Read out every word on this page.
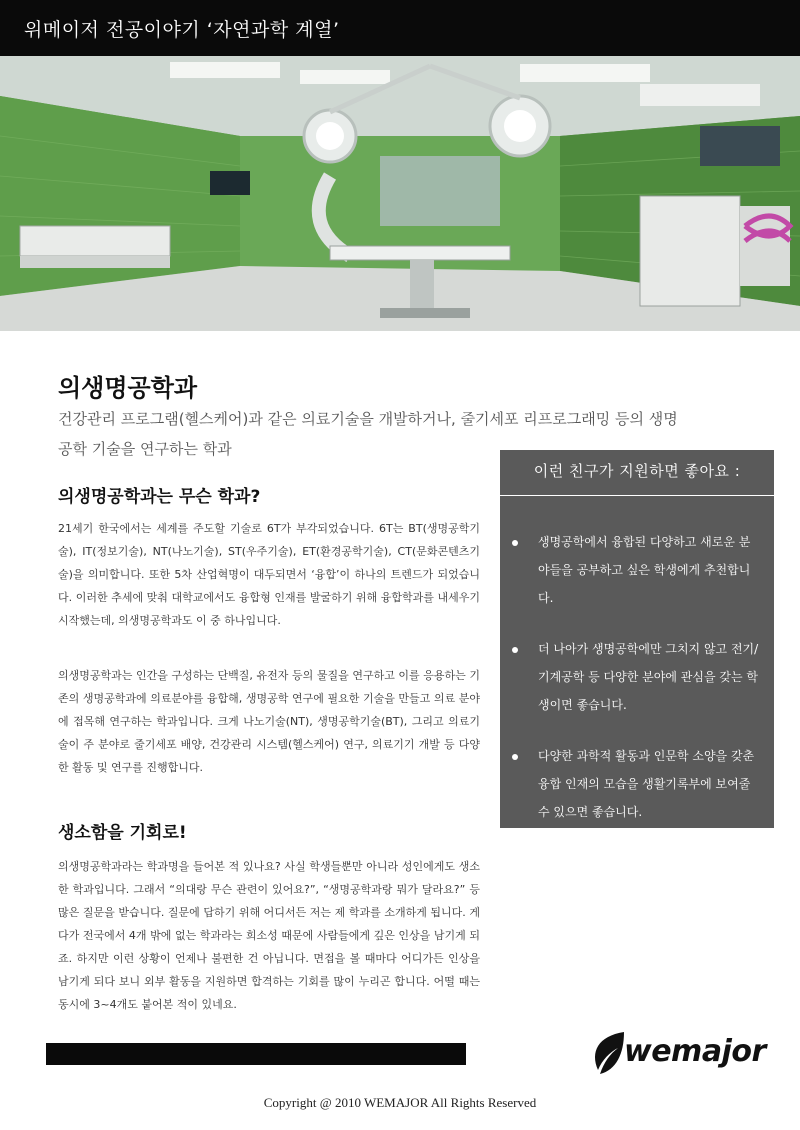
위메이저 전공이야기 ‘자연과학 계열’
의생명공학과
건강관리 프로그램(헬스케어)과 같은 의료기술을 개발하거나, 줄기세포 리프로그래밍 등의 생명공학 기술을 연구하는 학과
의생명공학과는 무슨 학과?
21세기 한국에서는 세계를 주도할 기술로 6T가 부각되었습니다. 6T는 BT(생명공학기술), IT(정보기술), NT(나노기술), ST(우주기술), ET(환경공학기술), CT(문화콘텐츠기술)을 의미합니다. 또한 5차 산업혁명이 대두되면서 ‘융합’이 하나의 트렌드가 되었습니다. 이러한 추세에 맞춰 대학교에서도 융합형 인재를 발굴하기 위해 융합학과를 내세우기 시작했는데, 의생명공학과도 이 중 하나입니다.
의생명공학과는 인간을 구성하는 단백질, 유전자 등의 물질을 연구하고 이를 응용하는 기존의 생명공학과에 의료분야를 융합해, 생명공학 연구에 필요한 기술을 만들고 의료 분야에 접목해 연구하는 학과입니다. 크게 나노기술(NT), 생명공학기술(BT), 그리고 의료기술이 주 분야로 줄기세포 배양, 건강관리 시스템(헬스케어) 연구, 의료기기 개발 등 다양한 활동 및 연구를 진행합니다.
생소함을 기회로!
의생명공학과라는 학과명을 들어본 적 있나요? 사실 학생들뿐만 아니라 성인에게도 생소한 학과입니다. 그래서 “의대랑 무슨 관련이 있어요?”, “생명공학과랑 뭐가 달라요?” 등 많은 질문을 받습니다. 질문에 답하기 위해 어디서든 저는 제 학과를 소개하게 됩니다. 게다가 전국에서 4개 밖에 없는 학과라는 희소성 때문에 사람들에게 깊은 인상을 남기게 되죠. 하지만 이런 상황이 언제나 불편한 건 아닙니다. 면접을 볼 때마다 어디가든 인상을 남기게 되다 보니 외부 활동을 지원하면 합격하는 기회를 많이 누리곤 합니다. 어떨 때는 동시에 3~4개도 붙어본 적이 있네요.
이런 친구가 지원하면 좋아요 :
생명공학에서 융합된 다양하고 새로운 분야들을 공부하고 싶은 학생에게 추천합니다.
더 나아가 생명공학에만 그치지 않고 전기/기계공학 등 다양한 분야에 관심을 갖는 학생이면 좋습니다.
다양한 과학적 활동과 인문학 소양을 갖춘 융합 인재의 모습을 생활기록부에 보여줄 수 있으면 좋습니다.
wemajor
Copyright @ 2010 WEMAJOR All Rights Reserved
